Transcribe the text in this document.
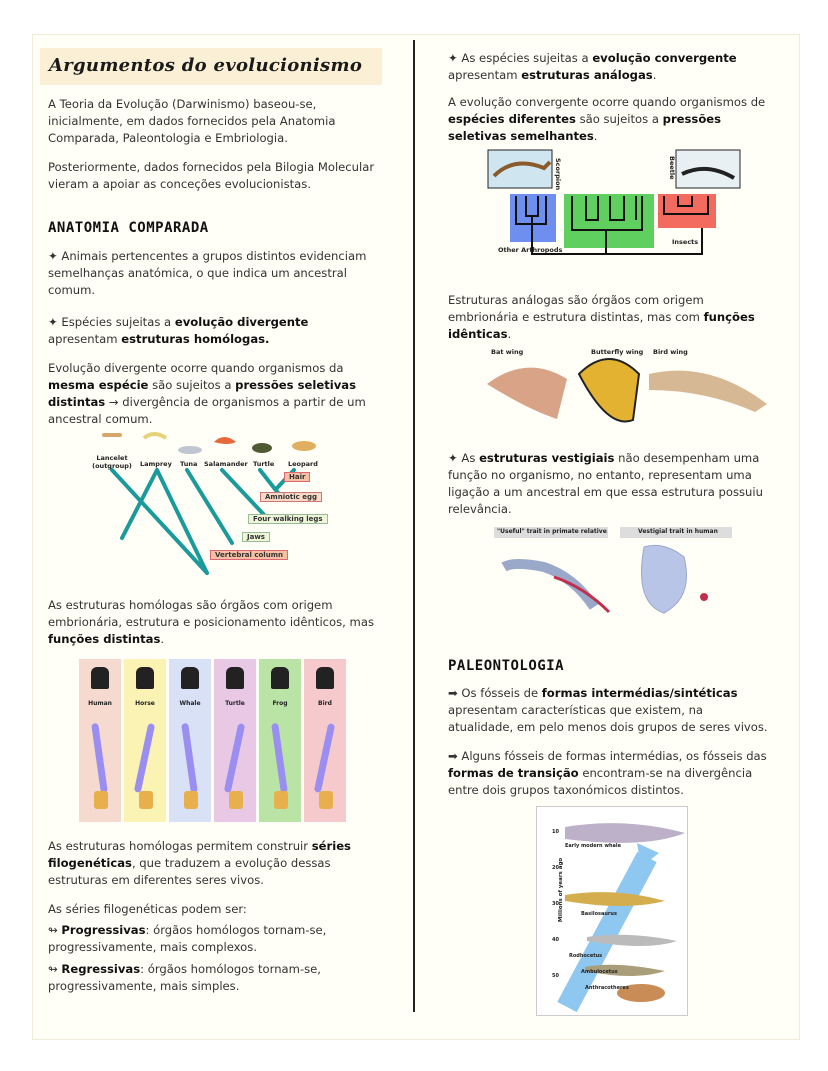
Argumentos do evolucionismo

A Teoria da Evolução (Darwinismo) baseou-se, inicialmente, em dados fornecidos pela Anatomia Comparada, Paleontologia e Embriologia.

Posteriormente, dados fornecidos pela Bilogia Molecular vieram a apoiar as conceções evolucionistas.

ANATOMIA COMPARADA

✦ Animais pertencentes a grupos distintos evidenciam semelhanças anatómica, o que indica um ancestral comum.

✦ Espécies sujeitas a evolução divergente apresentam estruturas homólogas.

Evolução divergente ocorre quando organismos da mesma espécie são sujeitos a pressões seletivas distintas → divergência de organismos a partir de um ancestral comum.

Lancelet (outgroup)	Lamprey Tuna Salamander Turtle Leopard
Hair
Amniotic egg
Four walking legs
Jaws
Vertebral column

As estruturas homólogas são órgãos com origem embrionária, estrutura e posicionamento idênticos, mas funções distintas.

Human	Horse	Whale	Turtle	Frog	Bird

As estruturas homólogas permitem construir séries filogenéticas, que traduzem a evolução dessas estruturas em diferentes seres vivos.

As séries filogenéticas podem ser:

↬ Progressivas: órgãos homólogos tornam-se, progressivamente, mais complexos.

↬ Regressivas: órgãos homólogos tornam-se, progressivamente, mais simples.

✦ As espécies sujeitas a evolução convergente apresentam estruturas análogas.

A evolução convergente ocorre quando organismos de espécies diferentes são sujeitos a pressões seletivas semelhantes.

Scorpion	Beetle
Other Arthropods
Insects

Estruturas análogas são órgãos com origem embrionária e estrutura distintas, mas com funções idênticas.

Bat wing	Butterfly wing Bird wing

✦ As estruturas vestigiais não desempenham uma função no organismo, no entanto, representam uma ligação a um ancestral em que essa estrutura possuiu relevância.

"Useful" trait in primate relative	Vestigial trait in human
PALEONTOLOGIA

➡ Os fósseis de formas intermédias/sintéticas apresentam características que existem, na atualidade, em pelo menos dois grupos de seres vivos.

➡ Alguns fósseis de formas intermédias, os fósseis das formas de transição encontram-se na divergência entre dois grupos taxonómicos distintos.

Millions of years ago
10
20
30
40
50
Early modern whale
Basilosaurus
Rodhocetus
Ambulocetus
Anthracotheres
